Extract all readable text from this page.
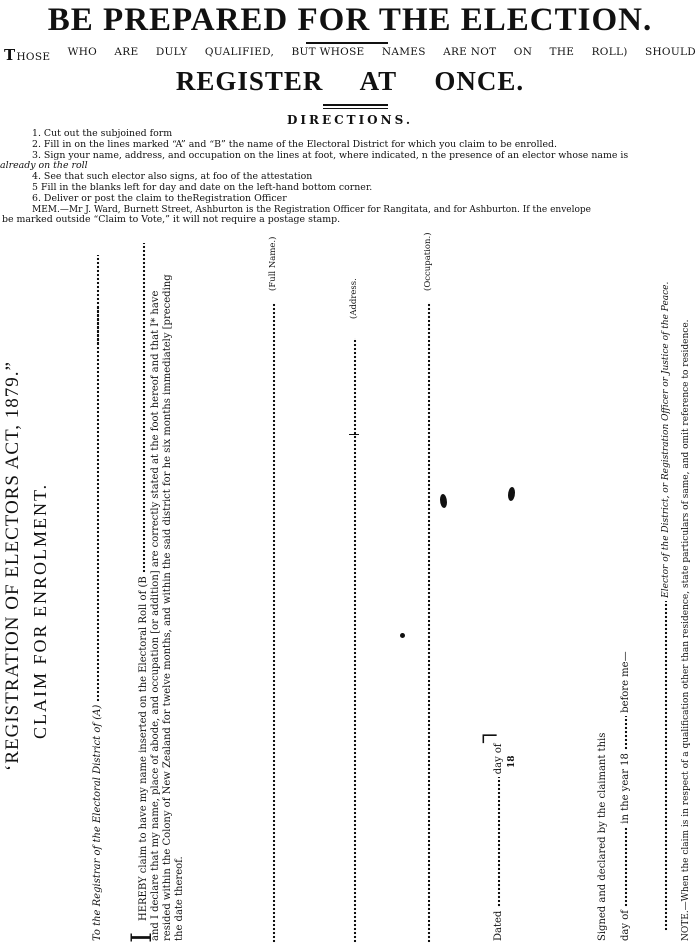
BE PREPARED FOR THE ELECTION.
THOSE WHO ARE DULY QUALIFIED, BUT WHOSE NAMES ARE NOT ON THE ROLL) SHOULD
REGISTER AT ONCE.
DIRECTIONS.
1. Cut out the subjoined form
2. Fill in on the lines marked “A” and “B” the name of the Electoral District for which you claim to be enrolled.
3. Sign your name, address, and occupation on the lines at foot, where indicated, n the presence of an elector whose name is
already on the roll
4. See that such elector also signs, at foo of the attestation
5 Fill in the blanks left for day and date on the left-hand bottom corner.
6. Deliver or post the claim to theRegistration Officer
MEM.—Mr J. Ward, Burnett Street, Ashburton is the Registration Officer for Rangitata, and for Ashburton. If the envelope
be marked outside “Claim to Vote,” it will not require a postage stamp.
‘REGISTRATION OF ELECTORS ACT, 1879.” CLAIM FOR ENROLMENT.
To the Registrar of the Electoral District of (A) I
HEREBY claim to have my name inserted on the Electoral Roll of (B and I declare that my name, place of abode, and occupation [or addition] are correctly stated at the foot hereof and that I* have resided within the Colony of New Zealand for twelve months, and within the said district for he six months immediately [preceding the date thereof.
(Full Name.)
(Address.
(Occupation.)
Dated  day of 18
┐	Signed and declared by the claimant this day of  in the year 18  before me—
Elector of the District, or Registration Officer or Justice of the Peace. NOTE.—When the claim is in respect of a qualification other than residence, state particulars of same, and omit reference to residence.
